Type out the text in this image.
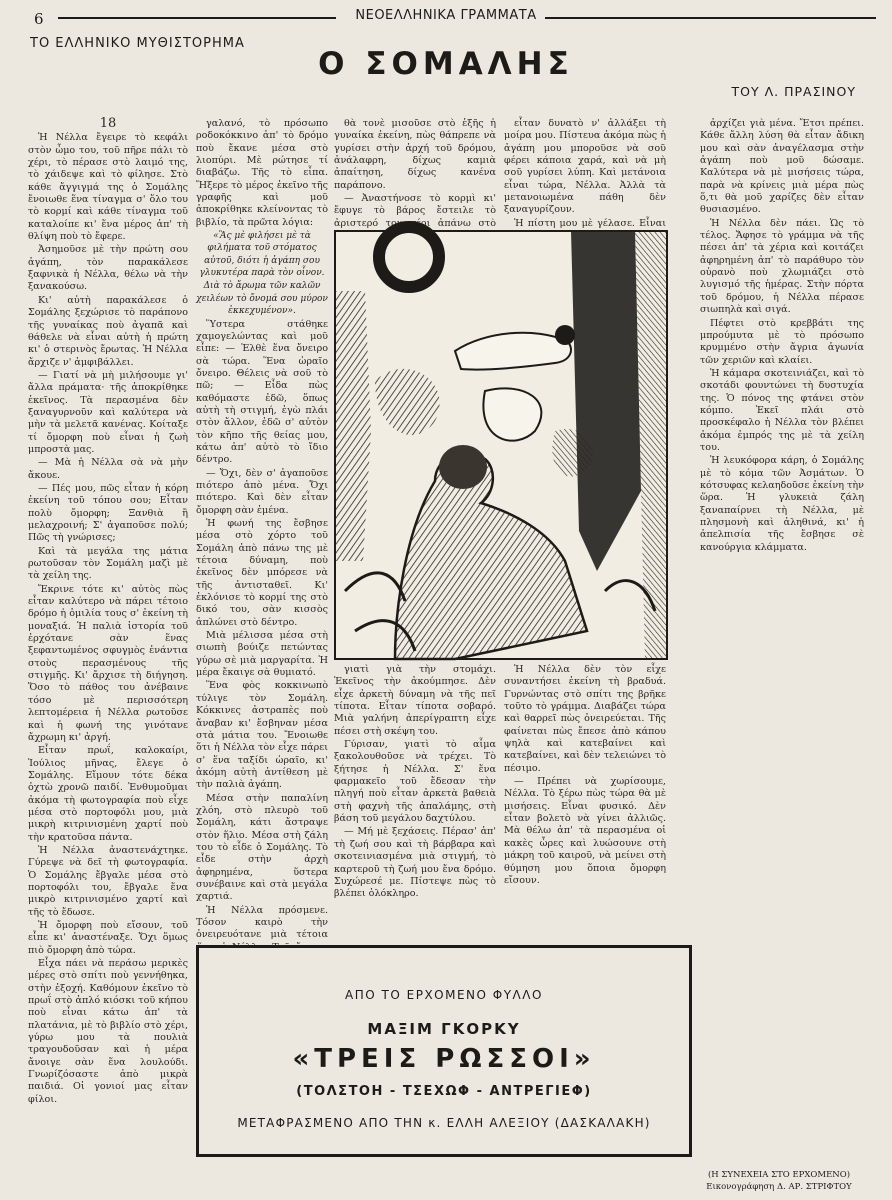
6	ΝΕΟΕΛΛΗΝΙΚΑ ΓΡΑΜΜΑΤΑ
ΤΟ ΕΛΛΗΝΙΚΟ ΜΥΘΙΣΤΟΡΗΜΑ
Ο ΣΟΜΑΛΗΣ
ΤΟΥ Λ. ΠΡΑΣΙΝΟΥ

18

Ἡ Νέλλα ἔγειρε τὸ κεφάλι στὸν ὦμο του, τοῦ πῆρε πάλι τὸ χέρι, τὸ πέρασε στὸ λαιμό της, τὸ χάιδεψε καὶ τὸ φίλησε. Στὸ κάθε ἄγγιγμά της ὁ Σομάλης ἔνοιωθε ἕνα τίναγμα σ' ὅλο του τὸ κορμί καὶ κάθε τίναγμα τοῦ καταλοίπε κι' ἕνα μέρος ἀπ' τὴ θλίψη ποὺ τὸ ἔφερε.

Ἀσημοῦσε μὲ τὴν πρώτη σου ἀγάπη, τὸν παρακάλεσε ξαφνικὰ ἡ Νέλλα, θέλω νὰ τὴν ξανακούσω.

Κι' αὐτὴ παρακάλεσε ὁ Σομάλης ξεχώρισε τὸ παράπονο τῆς γυναίκας ποὺ ἀγαπᾶ καὶ θάθελε νὰ εἶναι αὐτὴ ἡ πρώτη κι' ὁ στερινὸς ἔρωτας. Ἡ Νέλλα ἄρχιζε ν' ἀμφιβάλλει.

— Γιατί νὰ μὴ μιλήσουμε γι' ἄλλα πράματα· τῆς ἀποκρίθηκε ἐκεῖνος. Τὰ περασμένα δὲν ξαναγυρνοῦν καὶ καλύτερα νὰ μὴν τὰ μελετᾶ κανένας. Κοίταξε τί ὄμορφη ποὺ εἶναι ἡ ζωὴ μπροστὰ μας.

— Μὰ ἡ Νέλλα σὰ νὰ μὴν ἄκουε.

— Πές μου, πῶς εἶταν ἡ κόρη ἐκείνη τοῦ τόπου σου; Εἶταν πολὺ ὄμορφη; Ξανθιὰ ἢ μελαχροινή; Σ' ἀγαποῦσε πολύ; Πῶς τὴ γνώρισες;

Καὶ τὰ μεγάλα της μάτια ρωτοῦσαν τὸν Σομάλη μαζὶ μὲ τὰ χείλη της.

Ἔκρινε τότε κι' αὐτὸς πὼς εἶταν καλύτερο νὰ πάρει τέτοιο δρόμο ἡ ὁμιλία τους σ' ἐκείνη τὴ μοναξιά. Ἡ παλιὰ ἱστορία τοῦ ἐρχότανε σὰν ἕνας ξεφαντωμένος σφυγμὸς ἐνάντια στοὺς περασμένους τῆς στιγμῆς. Κι' ἄρχισε τὴ διήγηση. Ὅσο τὸ πάθος του ἀνέβαινε τόσο μὲ περισσότερη λεπτομέρεια ἡ Νέλλα ρωτοῦσε καὶ ἡ φωνή της γινότανε ἄχρωμη κι' ἀργή.

Εἶταν πρωΐ, καλοκαίρι, Ἰούλιος μῆνας, ἔλεγε ὁ Σομάλης. Εἴμουν τότε δέκα ὀχτὼ χρονῶ παιδί. Ἐνθυμοῦμαι ἀκόμα τὴ φωτογραφία ποὺ εἶχε μέσα στὸ πορτοφόλι μου, μιὰ μικρὴ κιτρινισμένη χαρτί ποὺ τὴν κρατοῦσα πάντα.

Ἡ Νέλλα ἀναστενάχτηκε. Γύρεψε νὰ δεῖ τὴ φωτογραφία. Ὁ Σομάλης ἔβγαλε μέσα στὸ πορτοφόλι του, ἔβγαλε ἕνα μικρὸ κιτρινισμένο χαρτί καὶ τῆς τὸ ἔδωσε.

Ἡ ὄμορφη ποὺ εἴσουν, τοῦ εἶπε κι' ἀναστέναξε. Ὄχι ὅμως πιὸ ὄμορφη ἀπὸ τώρα.

Εἶχα πάει νὰ περάσω μερικὲς μέρες στὸ σπίτι ποὺ γεννήθηκα, στὴν ἐξοχή. Καθόμουν ἐκεῖνο τὸ πρωΐ στὸ ἁπλό κιόσκι τοῦ κήπου ποὺ εἶναι κάτω ἀπ' τὰ πλατάνια, μὲ τὸ βιβλίο στὸ χέρι, γύρω μου τὰ πουλιὰ τραγουδοῦσαν καὶ ἡ μέρα ἄνοιγε σὰν ἕνα λουλούδι. Γνωρίζόσαστε ἀπὸ μικρὰ παιδιά. Οἱ γονιοί μας εἶταν φίλοι.

γαλανό, τὸ πρόσωπο ροδοκόκκινο ἀπ' τὸ δρόμο ποὺ ἔκανε μέσα στὸ λιοπύρι. Μὲ ρώτησε τί διαβάζω. Τῆς τὸ εἶπα. Ἤξερε τὸ μέρος ἐκεῖνο τῆς γραφῆς καὶ μοῦ ἀποκρίθηκε κλείνοντας τὸ βιβλίο, τὰ πρῶτα λόγια:

«Ἂς μὲ φιλήσει μὲ τὰ φιλήματα τοῦ στόματος αὐτοῦ, διότι ἡ ἀγάπη σου γλυκυτέρα παρὰ τὸν οἶνον.

Διὰ τὸ ἄρωμα τῶν καλῶν χειλέων τὸ ὄνομά σου μύρον ἐκκεχυμένον».

Ὕστερα στάθηκε χαμογελώντας καὶ μοῦ εἶπε: — Ἐλθὲ ἕνα ὄνειρο σὰ τώρα. Ἕνα ὡραῖο ὄνειρο. Θέλεις νὰ σοῦ τὸ πῶ; — Εἶδα πὼς καθόμαστε ἐδῶ, ὅπως αὐτὴ τὴ στιγμή, ἐγὼ πλάι στὸν ἄλλον, ἐδῶ σ' αὐτὸν τὸν κῆπο τῆς θείας μου, κάτω ἀπ' αὐτὸ τὸ ἴδιο δέντρο.

— Ὄχι, δὲν σ' ἀγαποῦσε πιότερο ἀπὸ μένα. Ὄχι πιότερο. Καὶ δὲν εἶταν ὄμορφη σὰν ἐμένα.

Ἡ φωνή της ἔσβησε μέσα στὸ χόρτο τοῦ Σομάλη ἀπὸ πάνω της μὲ τέτοια δύναμη, ποὺ ἐκεῖνος δὲν μπόρεσε νὰ τῆς ἀντισταθεῖ. Κι' ἐκλόνισε τὸ κορμί της στὸ δικό του, σὰν κισσὸς ἁπλώνει στὸ δέντρο.

Μιὰ μέλισσα μέσα στὴ σιωπὴ βούιζε πετώντας γύρω σὲ μιὰ μαργαρίτα. Ἡ μέρα ἔκαιγε σὰ θυμιατό.

Ἕνα φὸς κοκκινωπὸ τύλιγε τὸν Σομάλη. Κόκκινες ἀστραπὲς ποὺ ἄναβαν κι' ἔσβηναν μέσα στὰ μάτια του. Ἔνοιωθε ὅτι ἡ Νέλλα τὸν εἶχε πάρει σ' ἕνα ταξίδι ὡραῖο, κι' ἀκόμη αὐτὴ ἀντίθεση μὲ τὴν παλιὰ ἀγάπη.

Μέσα στὴν παπαλίνη χλόη, στὸ πλευρὸ τοῦ Σομάλη, κάτι ἄστραψε στὸν ἥλιο. Μέσα στὴ ζάλη του τὸ εἶδε ὁ Σομάλης. Τὸ εἶδε στὴν ἀρχὴ ἀφηρημένα, ὕστερα συνέβαινε καὶ στὰ μεγάλα χαρτιά.

Ἡ Νέλλα πρόσμενε. Τόσον καιρὸ τὴν ὀνειρευότανε μιὰ τέτοια

θὰ τονὲ μισοῦσε στὸ ἑξῆς ἡ γυναίκα ἐκείνη, πὼς θάπρεπε νὰ γυρίσει στὴν ἀρχή τοῦ δρόμου, ἀνάλαφρη, δίχως καμιὰ ἀπαίτηση, δίχως κανένα παράπονο.

— Ἀναστήνοσε τὸ κορμὶ κι' ἔφυγε τὸ βάρος ἔστειλε τὸ ἀριστερό του χέρι ἀπάνω στὸ

γιατὶ γιὰ τὴν στομάχι. Ἐκεῖνος τὴν ἀκούμπησε. Δὲν εἶχε ἀρκετὴ δύναμη νὰ τῆς πεῖ τίποτα. Εἶταν τίποτα σοβαρό. Μιὰ γαλήνη ἀπερίγραπτη εἶχε πέσει στὴ σκέψη του.

Γύρισαν, γιατὶ τὸ αἷμα ξακολουθοῦσε νὰ τρέχει. Τὸ ξήτησε ἡ Νέλλα. Σ' ἕνα φαρμακεῖο τοῦ ἔδεσαν τὴν πληγή ποὺ εἶταν ἀρκετὰ βαθειὰ στὴ φαχνὴ τῆς ἀπαλάμης, στὴ βάση τοῦ μεγάλου δαχτύλου.

— Μή μὲ ξεχάσεις. Πέρασ' ἀπ' τὴ ζωή σου καὶ τὴ βάρβαρα καὶ σκοτεινιασμένα μιὰ στιγμή, τὸ καρτεροῦ τὴ ζωή μου ἔνα δρόμο. Συχώρεσέ με. Πίστεψε πὼς τὸ βλέπει ὁλόκληρο.

εἶταν δυνατὸ ν' ἀλλάξει τὴ μοίρα μου. Πίστευα ἀκόμα πὼς ἡ ἀγάπη μου μποροῦσε νὰ σοῦ φέρει κάποια χαρά, καὶ νὰ μὴ σοῦ γυρίσει λύπη. Καὶ μετάνοια εἶναι τώρα, Νέλλα. Ἀλλὰ τὰ μετανοιωμένα πάθη δὲν ξαναγυρίζουν.

Ἡ πίστη μου μὲ γέλασε. Εἶναι

Ἡ Νέλλα δὲν τὸν εἶχε συναντήσει ἐκείνη τὴ βραδυά. Γυρνώντας στὸ σπίτι της βρῆκε τοῦτο τὸ γράμμα. Διαβάζει τώρα καὶ θαρρεῖ πὼς ὀνειρεύεται. Τῆς φαίνεται πὼς ἔπεσε ἀπὸ κάπου ψηλὰ καὶ κατεβαίνει καὶ κατεβαίνει, καὶ δὲν τελειώνει τὸ πέσιμο.

— Πρέπει νὰ χωρίσουμε, Νέλλα. Τὸ ξέρω πὼς τώρα θὰ μὲ μισήσεις. Εἶναι φυσικό. Δὲν εἶταν βολετὸ νὰ γίνει ἀλλιῶς. Μὰ θέλω ἀπ' τὰ περασμένα οἱ κακὲς ὧρες καὶ λυώσουνε στὴ μάκρη τοῦ καιροῦ, νὰ μείνει στὴ θύμηση μου ὅποια ὄμορφη εἴσουν.

ἀρχίζει γιὰ μένα. Ἔτσι πρέπει. Κάθε ἄλλη λύση θὰ εἶταν ἄδικη μου καὶ σὰν ἀναγέλασμα στὴν ἀγάπη ποὺ μοῦ δώσαμε. Καλύτερα νὰ μὲ μισήσεις τώρα, παρὰ νὰ κρίνεις μιὰ μέρα πὼς ὅ,τι θὰ μοῦ χαρίζες δὲν εἶταν θυσιασμένο.

Ἡ Νέλλα δὲν πάει. Ὡς τὸ τέλος. Ἄφησε τὸ γράμμα νὰ τῆς πέσει ἀπ' τὰ χέρια καὶ κοιτάζει ἀφηρημένη ἀπ' τὸ παράθυρο τὸν οὐρανὸ ποὺ χλωμιάζει στὸ λυγισμό τῆς ἡμέρας. Στὴν πόρτα τοῦ δρόμου, ἡ Νέλλα πέρασε σιωπηλὰ καὶ σιγά.

Πέφτει στὸ κρεββάτι της μπρούμυτα μὲ τὸ πρόσωπο κρυμμένο στὴν ἄγρια ἀγωνία τῶν χεριῶν καὶ κλαίει.

Ἡ κάμαρα σκοτεινιάζει, καὶ τὸ σκοτάδι φουντώνει τὴ δυστυχία της. Ὁ πόνος της φτάνει στὸν κόμπο. Ἐκεῖ πλάι στὸ προσκέφαλο ἡ Νέλλα τὸν βλέπει ἀκόμα ἐμπρός της μὲ τὰ χείλη του.

Ἡ λευκόφορα κάρη, ὁ Σομάλης μὲ τὸ κόμα τῶν Ἀσμάτων. Ὁ κότσυφας κελαηδοῦσε ἐκείνη τὴν ὥρα. Ἡ γλυκειὰ ζάλη ξαναπαίρνει τὴ Νέλλα, μὲ πλησμονὴ καὶ ἀληθινά, κι' ἡ ἀπελπισία τῆς ἔσβησε σὲ κανούργια κλάμματα.

ΑΠΟ ΤΟ ΕΡΧΟΜΕΝΟ ΦΥΛΛΟ
ΜΑΞΙΜ ΓΚΟΡΚΥ
«ΤΡΕΙΣ ΡΩΣΣΟΙ»
(ΤΟΛΣΤΟΗ - ΤΣΕΧΩΦ - ΑΝΤΡΕΓΙΕΦ)
ΜΕΤΑΦΡΑΣΜΕΝΟ ΑΠΟ ΤΗΝ κ. ΕΛΛΗ ΑΛΕΞΙΟΥ (ΔΑΣΚΑΛΑΚΗ)
(Η ΣΥΝΕΧΕΙΑ ΣΤΟ ΕΡΧΟΜΕΝΟ)
Εικονογράφηση Δ. ΑΡ. ΣΤΡΙΦΤΟΥ
